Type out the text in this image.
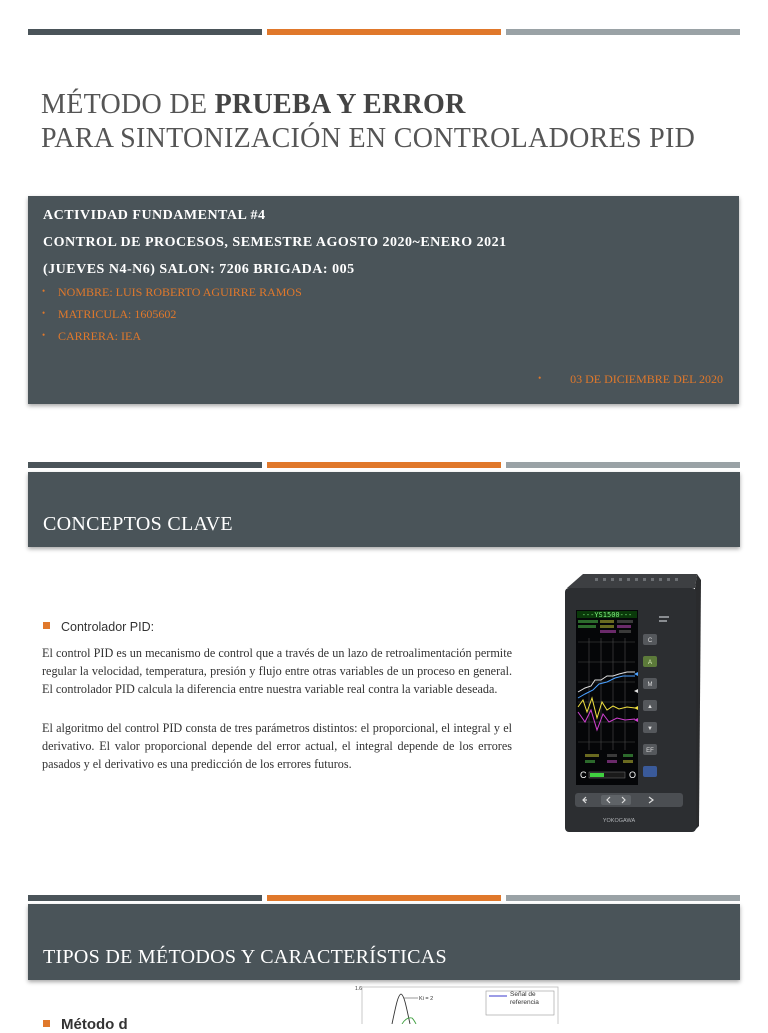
MÉTODO DE PRUEBA Y ERROR
PARA SINTONIZACIÓN EN CONTROLADORES PID
ACTIVIDAD FUNDAMENTAL #4
CONTROL DE PROCESOS, SEMESTRE AGOSTO 2020~ENERO 2021
(JUEVES N4-N6) SALON: 7206 BRIGADA: 005
• NOMBRE: LUIS ROBERTO AGUIRRE RAMOS
• MATRICULA: 1605602
• CARRERA: IEA
• 03 DE DICIEMBRE DEL 2020
CONCEPTOS CLAVE
Controlador PID:
El control PID es un mecanismo de control que a través de un lazo de retroalimentación permite regular la velocidad, temperatura, presión y flujo entre otras variables de un proceso en general. El controlador PID calcula la diferencia entre nuestra variable real contra la variable deseada.
El algoritmo del control PID consta de tres parámetros distintos: el proporcional, el integral y el derivativo. El valor proporcional depende del error actual, el integral depende de los errores pasados y el derivativo es una predicción de los errores futuros.
---YS1500---
C	O
C
A
M
▲
▼
EF
YOKOGAWA
TIPOS DE MÉTODOS Y CARACTERÍSTICAS
Método d
1.6
Ki = 2
Señal de referencia
